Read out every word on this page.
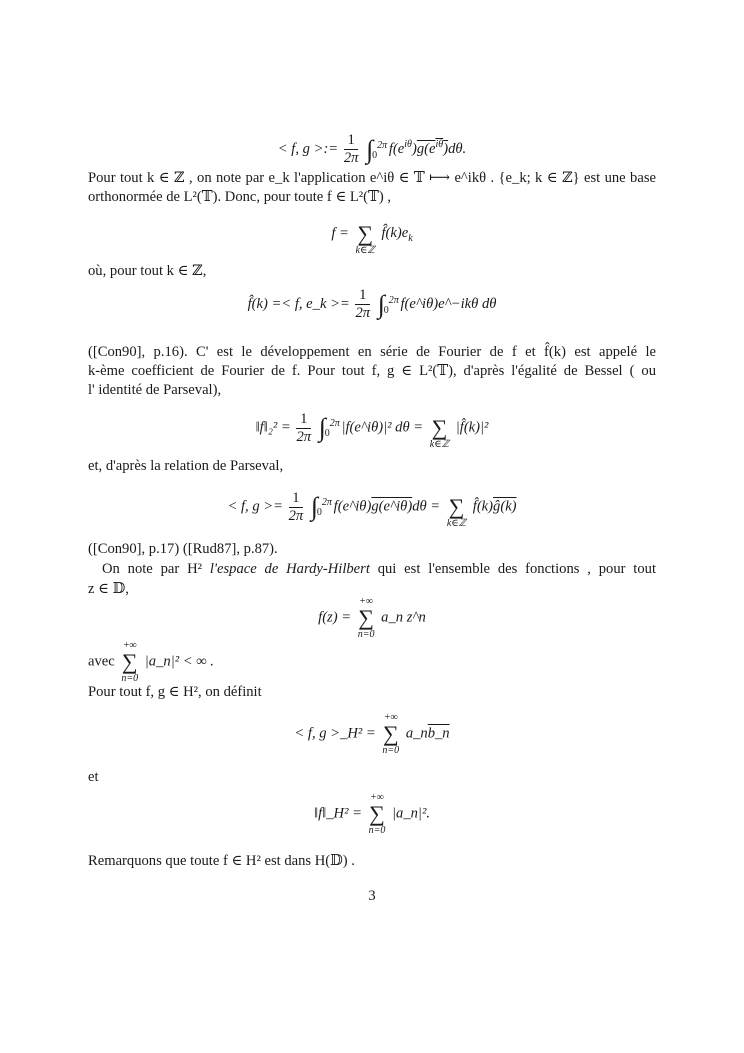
< f, g >:= $\frac{1}{2\pi}$ ∫ 2π
0 $f(e^{i\theta})g(e^{i\theta})d\theta$.
Pour tout k ∈ ℤ , on note par e_k l'application e^iθ ∈ 𝕋 ⟼ e^ikθ . {e_k; k ∈ ℤ} est une base
orthonormée de L²(𝕋). Donc, pour toute f ∈ L²(𝕋) ,
f =
∑
k∈ℤ
$f̂(k)e_k$
où, pour tout k ∈ ℤ,
f̂(k) =< f, e_k >= $\frac{1}{2\pi}$ ∫ 2π
0 f(e^iθ)e^−ikθ dθ
([Con90], p.16). C' est le développement en série de Fourier de f et f̂(k) est appelé le
k-ème coefficient de Fourier de f. Pour tout f, g ∈ L²(𝕋), d'après l'égalité de Bessel ( ou
l' identité de Parseval),
‖f‖₂² = $\frac{1}{2\pi}$ ∫ 2π
0 |f(e^iθ)|² dθ =
∑
k∈ℤ
|f̂(k)|²
et, d'après la relation de Parseval,
< f, $g >= \frac{1}{2\pi}$ ∫ 2π
0 f(e^iθ)g(e^iθ)dθ =
∑
k∈ℤ
f̂(k)ĝ(k)
([Con90], p.17) ([Rud87], p.87).
On note par H² l'espace de Hardy-Hilbert qui est l'ensemble des fonctions , pour tout
z ∈ 𝔻,
f(z) =
+∞
∑
n=0
a_n z^n
avec
+∞
∑
n=0
|a_n|² < ∞ .
Pour tout f, g ∈ H², on définit
< f, g >_H² =
+∞
∑
n=0
a_nb_n
et
‖f‖_H² =
+∞
∑
n=0
|a_n|².
Remarquons que toute f ∈ H² est dans H(𝔻) .
3
